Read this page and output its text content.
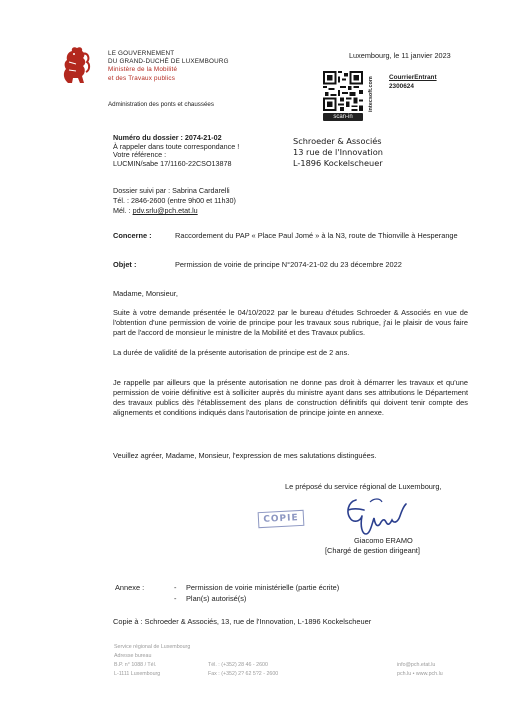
LE GOUVERNEMENT
DU GRAND-DUCHÉ DE LUXEMBOURG
Ministère de la Mobilité
et des Travaux publics
Administration des ponts et chaussées
Luxembourg, le 11 janvier 2023
scan-in
intecsoft.com CourrierEntrant
2300624
Schroeder & Associés
13 rue de l'Innovation
L-1896 Kockelscheuer
Numéro du dossier : 2074-21-02
À rappeler dans toute correspondance !
Votre référence :
LUCMIN/sabe 17/1160-22CSO13878
Dossier suivi par : Sabrina Cardarelli
Tél. : 2846-2600 (entre 9h00 et 11h30)
Mél. : pdv.srlu@pch.etat.lu
Concerne :	Raccordement du PAP « Place Paul Jomé » à la N3, route de Thionville à Hesperange
Objet :	Permission de voirie de principe N°2074-21-02 du 23 décembre 2022
Madame, Monsieur,
Suite à votre demande présentée le 04/10/2022 par le bureau d'études Schroeder & Associés en vue de l'obtention d'une permission de voirie de principe pour les travaux sous rubrique, j'ai le plaisir de vous faire part de l'accord de monsieur le ministre de la Mobilité et des Travaux publics.
La durée de validité de la présente autorisation de principe est de 2 ans.
Je rappelle par ailleurs que la présente autorisation ne donne pas droit à démarrer les travaux et qu'une permission de voirie définitive est à solliciter auprès du ministre ayant dans ses attributions le Département des travaux publics dès l'établissement des plans de construction définitifs qui doivent tenir compte des alignements et conditions indiqués dans l'autorisation de principe jointe en annexe.
Veuillez agréer, Madame, Monsieur, l'expression de mes salutations distinguées.
Le préposé du service régional de Luxembourg,
COPIE
Giacomo ERAMO
[Chargé de gestion dirigeant]
Annexe :	- Permission de voirie ministérielle (partie écrite)
- Plan(s) autorisé(s)
Copie à : Schroeder & Associés, 13, rue de l'Innovation, L-1896 Kockelscheuer
Service régional de Luxembourg
Adresse bureau
B.P. n° 1088 / Tél.
L-1111 Luxembourg
Tél. : (+352) 28 46 - 2600
Fax : (+352) 2? 62 5?2 - 2600
info@pch.etat.lu
pch.lu • www.pch.lu
